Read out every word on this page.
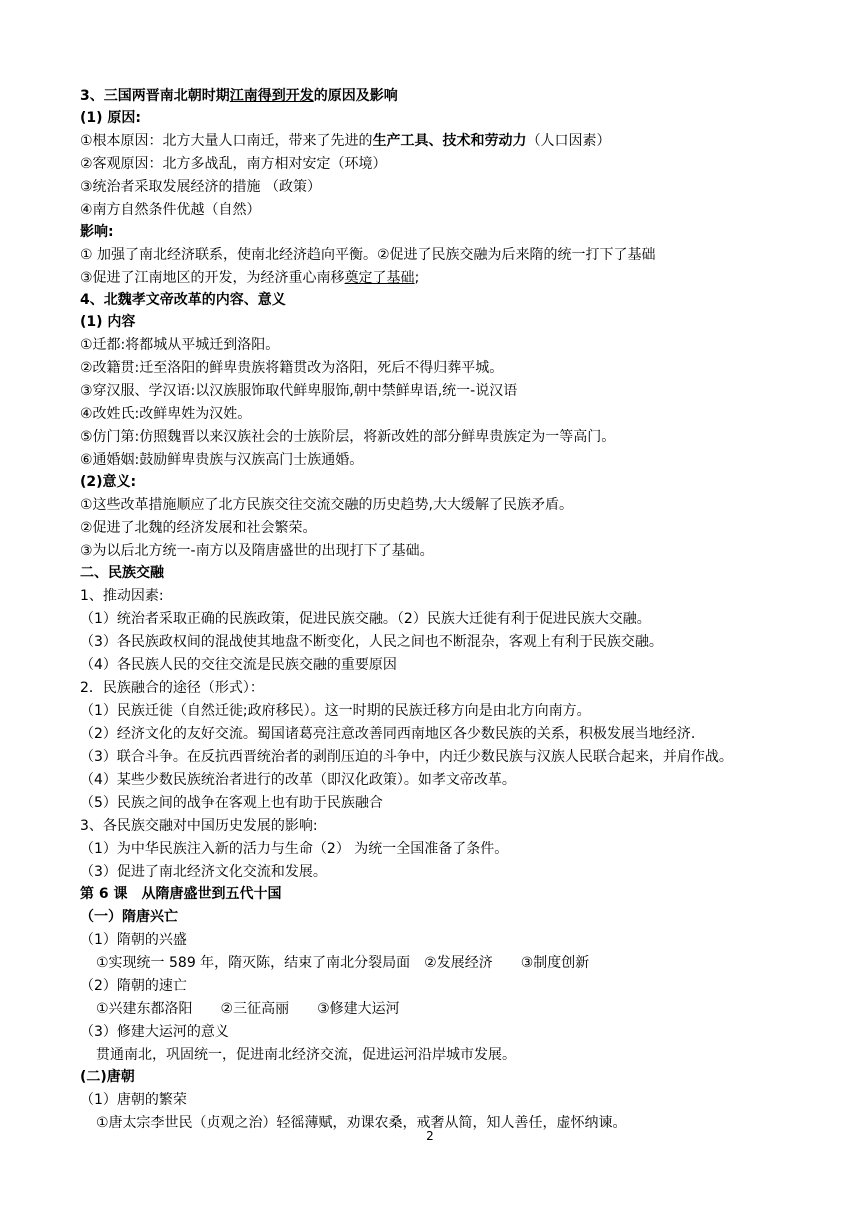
3、三国两晋南北朝时期江南得到开发的原因及影响
(1) 原因:
①根本原因：北方大量人口南迁，带来了先进的生产工具、技术和劳动力（人口因素）
②客观原因：北方多战乱，南方相对安定（环境）
③统治者采取发展经济的措施 （政策）
④南方自然条件优越（自然）
影响:
① 加强了南北经济联系，使南北经济趋向平衡。②促进了民族交融为后来隋的统一打下了基础
③促进了江南地区的开发，为经济重心南移奠定了基础;
4、北魏孝文帝改革的内容、意义
(1) 内容
①迁都:将都城从平城迁到洛阳。
②改籍贯:迁至洛阳的鲜卑贵族将籍贯改为洛阳，死后不得归葬平城。
③穿汉服、学汉语:以汉族服饰取代鲜卑服饰,朝中禁鲜卑语,统一-说汉语
④改姓氏:改鲜卑姓为汉姓。
⑤仿门第:仿照魏晋以来汉族社会的士族阶层，将新改姓的部分鲜卑贵族定为一等高门。
⑥通婚姻:鼓励鲜卑贵族与汉族高门士族通婚。
(2)意义:
①这些改革措施顺应了北方民族交往交流交融的历史趋势,大大缓解了民族矛盾。
②促进了北魏的经济发展和社会繁荣。
③为以后北方统一-南方以及隋唐盛世的出现打下了基础。
二、民族交融
1、推动因素:
（1）统治者采取正确的民族政策，促进民族交融。（2）民族大迁徙有利于促进民族大交融。
（3）各民族政权间的混战使其地盘不断变化，人民之间也不断混杂，客观上有利于民族交融。
（4）各民族人民的交往交流是民族交融的重要原因
2．民族融合的途径（形式）：
（1）民族迁徙（自然迁徙;政府移民）。这一时期的民族迁移方向是由北方向南方。
（2）经济文化的友好交流。蜀国诸葛亮注意改善同西南地区各少数民族的关系，积极发展当地经济.
（3）联合斗争。在反抗西晋统治者的剥削压迫的斗争中，内迁少数民族与汉族人民联合起来，并肩作战。
（4）某些少数民族统治者进行的改革（即汉化政策）。如孝文帝改革。
（5）民族之间的战争在客观上也有助于民族融合
3、各民族交融对中国历史发展的影响:
（1）为中华民族注入新的活力与生命（2） 为统一全国准备了条件。
（3）促进了南北经济文化交流和发展。
第 6 课　从隋唐盛世到五代十国
（一）隋唐兴亡
（1）隋朝的兴盛
①实现统一 589 年，隋灭陈，结束了南北分裂局面　②发展经济　　③制度创新
（2）隋朝的速亡
①兴建东都洛阳　　②三征高丽　　③修建大运河
（3）修建大运河的意义
贯通南北，巩固统一，促进南北经济交流，促进运河沿岸城市发展。
(二)唐朝
（1）唐朝的繁荣
①唐太宗李世民（贞观之治）轻徭薄赋，劝课农桑，戒奢从简，知人善任，虚怀纳谏。
2
